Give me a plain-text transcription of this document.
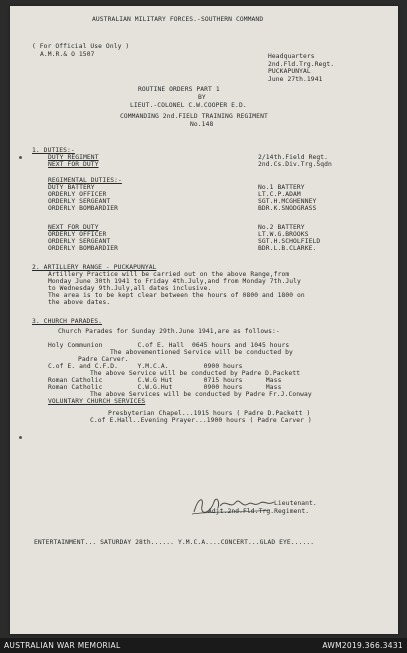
AUSTRALIAN MILITARY FORCES.-SOUTHERN COMMAND
( For Official Use Only )
A.M.R.& O 1507	Headquarters
2nd.Fld.Trg.Regt.
PUCKAPUNYAL
June 27th.1941
ROUTINE ORDERS PART 1
BY
LIEUT.-COLONEL C.W.COOPER E.D.
COMMANDING 2nd.FIELD TRAINING REGIMENT
No.148
1. DUTIES:-
DUTY REGIMENT	2/14th.Field Regt.
NEXT FOR DUTY	2nd.Cs.Div.Trg.Sqdn
REGIMENTAL DUTIES:-
DUTY BATTERY	No.1 BATTERY
ORDERLY OFFICER	LT.C.P.ADAM
ORDERLY SERGEANT	SGT.H.MCGHENNEY
ORDERLY BOMBARDIER	BDR.K.SNODGRASS
NEXT FOR DUTY	No.2 BATTERY
ORDERLY OFFICER	LT.W.G.BROOKS
ORDERLY SERGEANT	SGT.H.SCHOLFIELD
ORDERLY BOMBARDIER	BDR.L.B.CLARKE.
2. ARTILLERY RANGE - PUCKAPUNYAL
Artillery Practice will be carried out on the above Range,from
Monday June 30th 1941 to Friday 4th.July,and from Monday 7th.July
to Wednesday 9th.July,all dates inclusive.
The area is to be kept clear between the hours of 0800 and 1800 on
the above dates.
3. CHURCH PARADES.
Church Parades for Sunday 29th.June 1941,are as follows:-
Holy Communion         C.of E. Hall  0645 hours and 1045 hours
The abovementioned Service will be conducted by
Padre Carver.
C.of E. and C.F.D.     Y.M.C.A.         0900 hours
The above Service will be conducted by Padre D.Packett
Roman Catholic         C.W.G Hut        0715 hours      Mass
Roman Catholic         C.W.G.Hut        0900 hours      Mass
The above Services will be conducted by Padre Fr.J.Conway
VOLUNTARY CHURCH SERVICES
Presbyterian Chapel...1915 hours ( Padre D.Packett )
C.of E.Hall..Evening Prayer...1900 hours ( Padre Carver )
Lieutenant.
Adjt.2nd.Fld.Trg.Regiment.
ENTERTAINMENT... SATURDAY 28th...... Y.M.C.A....CONCERT...GLAD EYE......
AUSTRALIAN WAR MEMORIAL	AWM2019.366.3431
